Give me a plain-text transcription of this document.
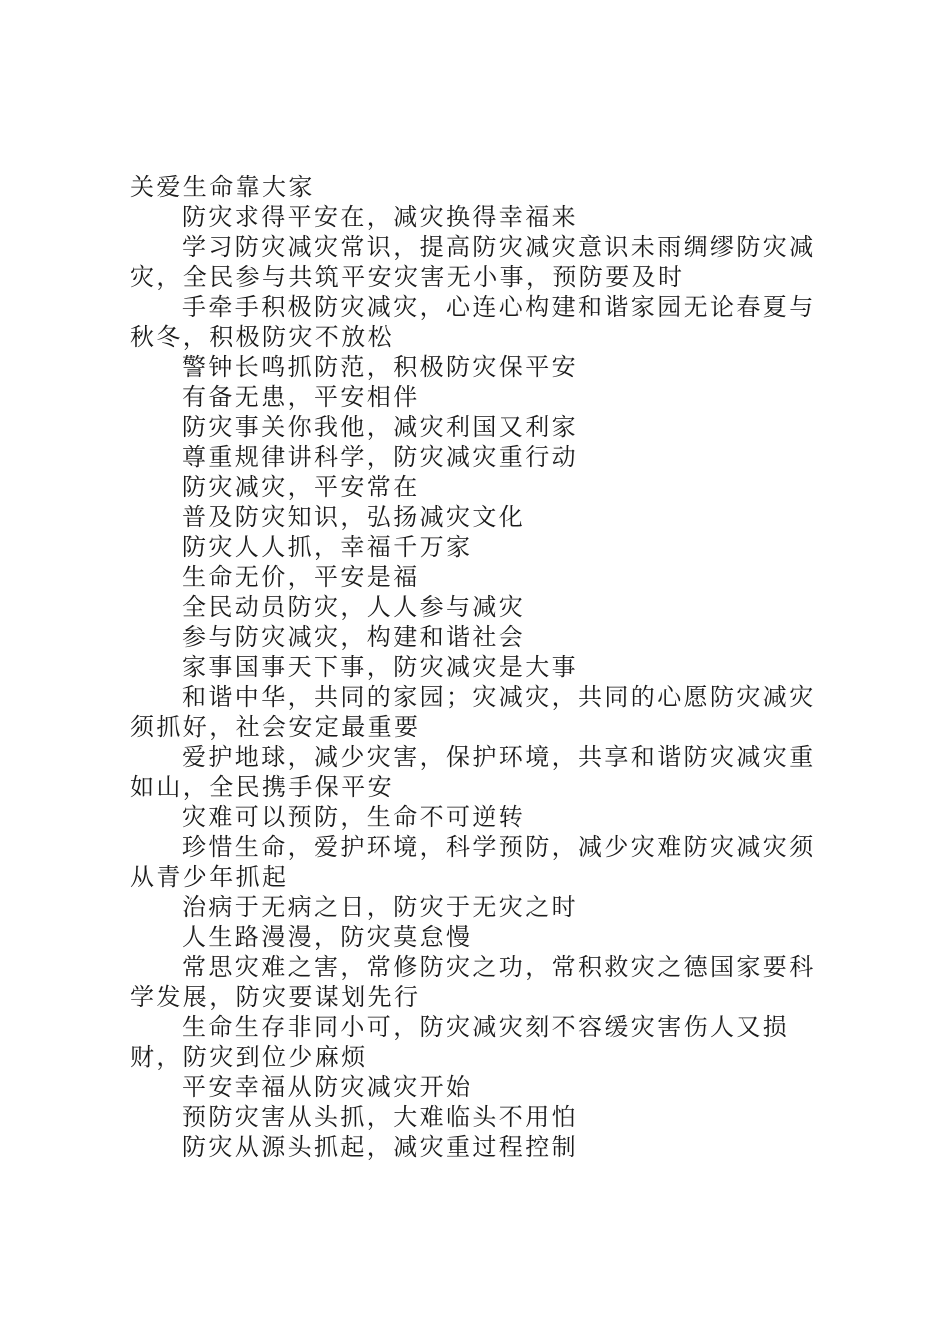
关爱生命靠大家

防灾求得平安在，减灾换得幸福来

学习防灾减灾常识，提高防灾减灾意识未雨绸缪防灾减灾，全民参与共筑平安灾害无小事，预防要及时

手牵手积极防灾减灾，心连心构建和谐家园无论春夏与秋冬，积极防灾不放松

警钟长鸣抓防范，积极防灾保平安

有备无患，平安相伴

防灾事关你我他，减灾利国又利家

尊重规律讲科学，防灾减灾重行动

防灾减灾，平安常在

普及防灾知识，弘扬减灾文化

防灾人人抓，幸福千万家

生命无价，平安是福

全民动员防灾，人人参与减灾

参与防灾减灾，构建和谐社会

家事国事天下事，防灾减灾是大事

和谐中华，共同的家园；灾减灾，共同的心愿防灾减灾须抓好，社会安定最重要

爱护地球，减少灾害，保护环境，共享和谐防灾减灾重如山，全民携手保平安

灾难可以预防，生命不可逆转

珍惜生命，爱护环境，科学预防，减少灾难防灾减灾须从青少年抓起

治病于无病之日，防灾于无灾之时

人生路漫漫，防灾莫怠慢

常思灾难之害，常修防灾之功，常积救灾之德国家要科学发展，防灾要谋划先行

生命生存非同小可，防灾减灾刻不容缓灾害伤人又损财，防灾到位少麻烦

平安幸福从防灾减灾开始

预防灾害从头抓，大难临头不用怕

防灾从源头抓起，减灾重过程控制
